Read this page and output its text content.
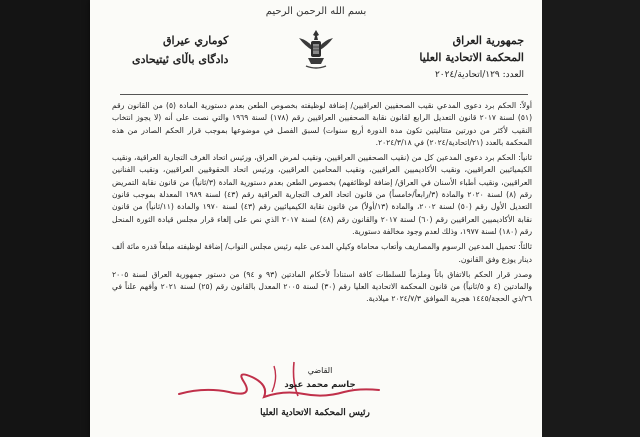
بسم الله الرحمن الرحيم
جمهورية العراق
المحكمة الاتحادية العليا
العدد: ١٢٩/اتحادية/٢٠٢٤
كوماري عيراق
دادگای باڵای ئیتیحادی

أولاً: الحكم برد دعوى المدعي نقيب الصحفيين العراقيين/ إضافة لوظيفته بخصوص الطعن بعدم دستورية المادة (٥) من القانون رقم (٥١) لسنة ٢٠١٧ قانون التعديل الرابع لقانون نقابة الصحفيين العراقيين رقم (١٧٨) لسنة ١٩٦٩ والتي نصت على أنه (لا يجوز انتخاب النقيب لأكثر من دورتين متتاليتين تكون مدة الدورة أربع سنوات) لسبق الفصل في موضوعها بموجب قرار الحكم الصادر من هذه المحكمة بالعدد (٢١/اتحادية/٢٠٢٤) في ٢٠٢٤/٣/١٨.

ثانياً: الحكم برد دعوى المدعين كل من (نقيب الصحفيين العراقيين، ونقيب لمرض العراق، ورئيس اتحاد الغرف التجارية العراقية، ونقيب الكيميائيين العراقيين، ونقيب الأكاديميين العراقيين، ونقيب المحامين العراقيين، ورئيس اتحاد الحقوقيين العراقيين، ونقيب الفنانين العراقيين، ونقيب أطباء الأسنان في العراق/ إضافة لوظائفهم) بخصوص الطعن بعدم دستورية المادة (٣/ثانياً) من قانون نقابة التمريض رقم (٨) لسنة ٢٠٢٠ والمادة (٣/رابعاً/خامساً) من قانون اتحاد الغرف التجارية العراقية رقم (٤٣) لسنة ١٩٨٩ المعدلة بموجب قانون التعديل الأول رقم (٥٠) لسنة ٢٠٠٢، والمادة (١٣/أولاً) من قانون نقابة الكيميائيين رقم (٤٣) لسنة ١٩٧٠ والمادة (١١/ثانياً) من قانون نقابة الأكاديميين العراقيين رقم (٦٠) لسنة ٢٠١٧ والقانون رقم (٤٨) لسنة ٢٠١٧ الذي نص على إلغاء قرار مجلس قيادة الثورة المنحل رقم (١٨٠) لسنة ١٩٧٧، وذلك لعدم وجود مخالفة دستورية.

ثالثاً: تحميل المدعين الرسوم والمصاريف وأتعاب محاماة وكيلي المدعى عليه رئيس مجلس النواب/ إضافة لوظيفته مبلغاً قدره مائة ألف دينار يوزع وفق القانون.

وصدر قرار الحكم بالاتفاق باتاً وملزماً للسلطات كافة استناداً لأحكام المادتين (٩٣ و ٩٤) من دستور جمهورية العراق لسنة ٢٠٠٥ والمادتين (٤ و ٥/ثانياً) من قانون المحكمة الاتحادية العليا رقم (٣٠) لسنة ٢٠٠٥ المعدل بالقانون رقم (٢٥) لسنة ٢٠٢١ وأفهم علناً في ٢٦/ذي الحجة/١٤٤٥ هجرية الموافق ٢٠٢٤/٧/٣ ميلادية.

القاضي
جاسم محمد عبود
رئيس المحكمة الاتحادية العليا
